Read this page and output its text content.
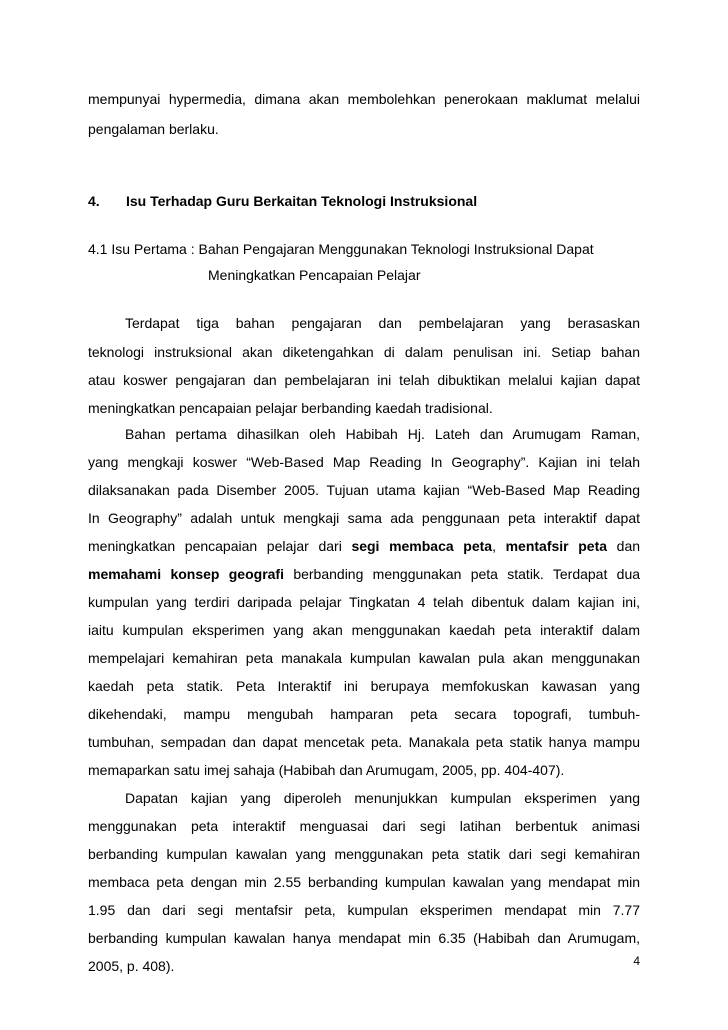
mempunyai hypermedia, dimana akan membolehkan penerokaan maklumat melalui
pengalaman berlaku.
4. Isu Terhadap Guru Berkaitan Teknologi Instruksional
4.1 Isu Pertama : Bahan Pengajaran Menggunakan Teknologi Instruksional Dapat
Meningkatkan Pencapaian Pelajar
Terdapat tiga bahan pengajaran dan pembelajaran yang berasaskan
teknologi instruksional akan diketengahkan di dalam penulisan ini. Setiap bahan
atau koswer pengajaran dan pembelajaran ini telah dibuktikan melalui kajian dapat
meningkatkan pencapaian pelajar berbanding kaedah tradisional.
Bahan pertama dihasilkan oleh Habibah Hj. Lateh dan Arumugam Raman,
yang mengkaji koswer “Web-Based Map Reading In Geography”. Kajian ini telah
dilaksanakan pada Disember 2005. Tujuan utama kajian “Web-Based Map Reading
In Geography” adalah untuk mengkaji sama ada penggunaan peta interaktif dapat
meningkatkan pencapaian pelajar dari segi membaca peta, mentafsir peta dan
memahami konsep geografi berbanding menggunakan peta statik. Terdapat dua
kumpulan yang terdiri daripada pelajar Tingkatan 4 telah dibentuk dalam kajian ini,
iaitu kumpulan eksperimen yang akan menggunakan kaedah peta interaktif dalam
mempelajari kemahiran peta manakala kumpulan kawalan pula akan menggunakan
kaedah peta statik. Peta Interaktif ini berupaya memfokuskan kawasan yang
dikehendaki, mampu mengubah hamparan peta secara topografi, tumbuh-
tumbuhan, sempadan dan dapat mencetak peta. Manakala peta statik hanya mampu
memaparkan satu imej sahaja (Habibah dan Arumugam, 2005, pp. 404-407).
Dapatan kajian yang diperoleh menunjukkan kumpulan eksperimen yang
menggunakan peta interaktif menguasai dari segi latihan berbentuk animasi
berbanding kumpulan kawalan yang menggunakan peta statik dari segi kemahiran
membaca peta dengan min 2.55 berbanding kumpulan kawalan yang mendapat min
1.95 dan dari segi mentafsir peta, kumpulan eksperimen mendapat min 7.77
berbanding kumpulan kawalan hanya mendapat min 6.35 (Habibah dan Arumugam,
2005, p. 408).	4
